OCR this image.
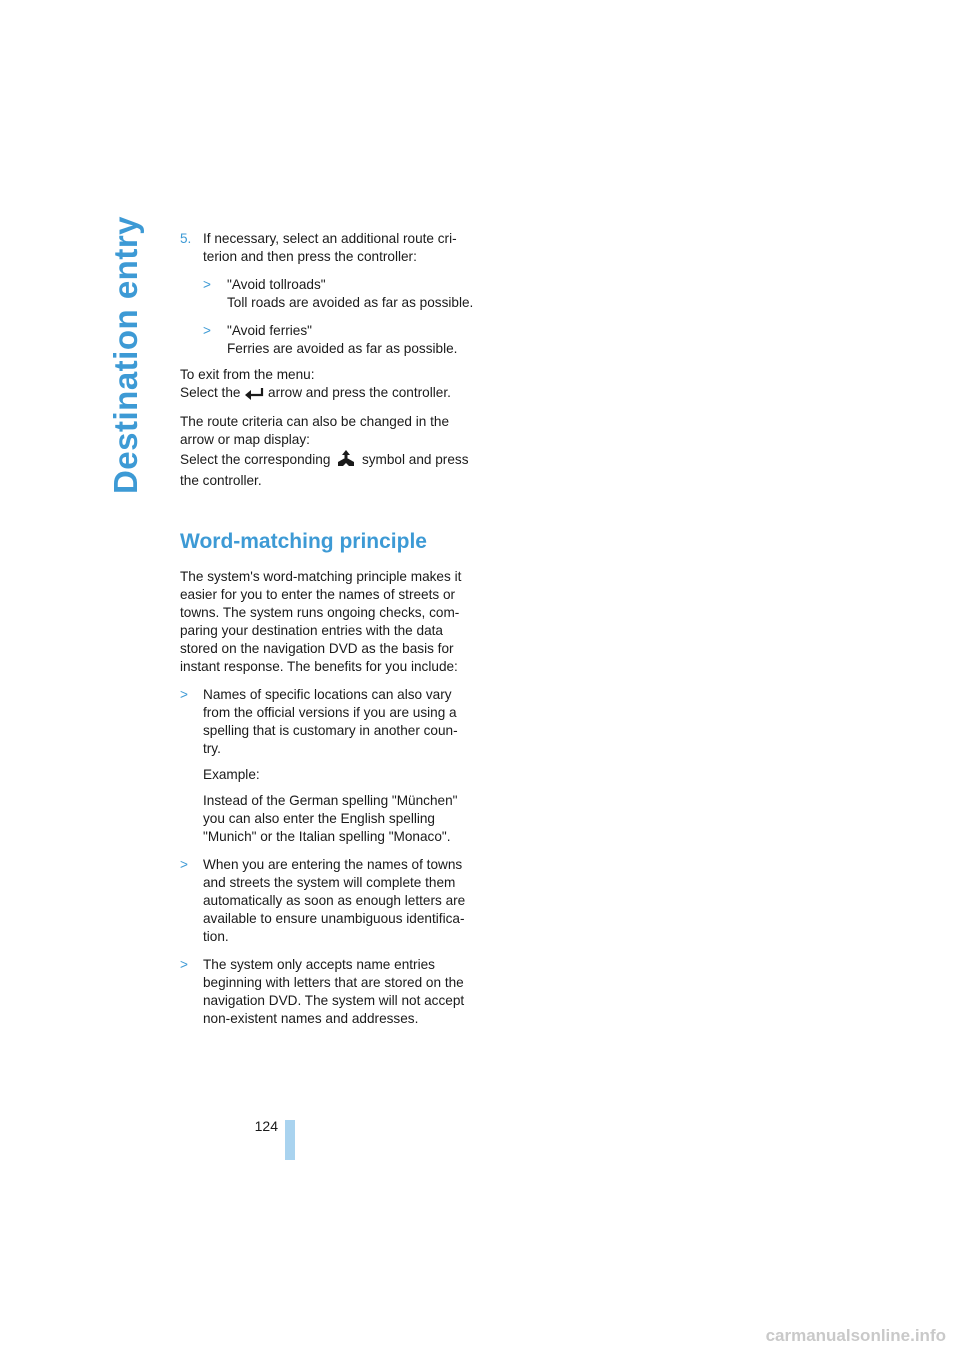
Destination entry	5. If necessary, select an additional route cri-
terion and then press the controller:
>	"Avoid tollroads"
Toll roads are avoided as far as possible.
>	"Avoid ferries"
Ferries are avoided as far as possible.
To exit from the menu:
Select the arrow and press the controller.
The route criteria can also be changed in the
arrow or map display:
Select the corresponding symbol and press
the controller.
Word-matching principle
The system's word-matching principle makes it
easier for you to enter the names of streets or
towns. The system runs ongoing checks, com-
paring your destination entries with the data
stored on the navigation DVD as the basis for
instant response. The benefits for you include:
>	Names of specific locations can also vary
from the official versions if you are using a
spelling that is customary in another coun-
try.
Example:
Instead of the German spelling "München"
you can also enter the English spelling
"Munich" or the Italian spelling "Monaco".
>	When you are entering the names of towns
and streets the system will complete them
automatically as soon as enough letters are
available to ensure unambiguous identifica-
tion.
>	The system only accepts name entries
beginning with letters that are stored on the
navigation DVD. The system will not accept
non-existent names and addresses.
124
carmanualsonline.info
